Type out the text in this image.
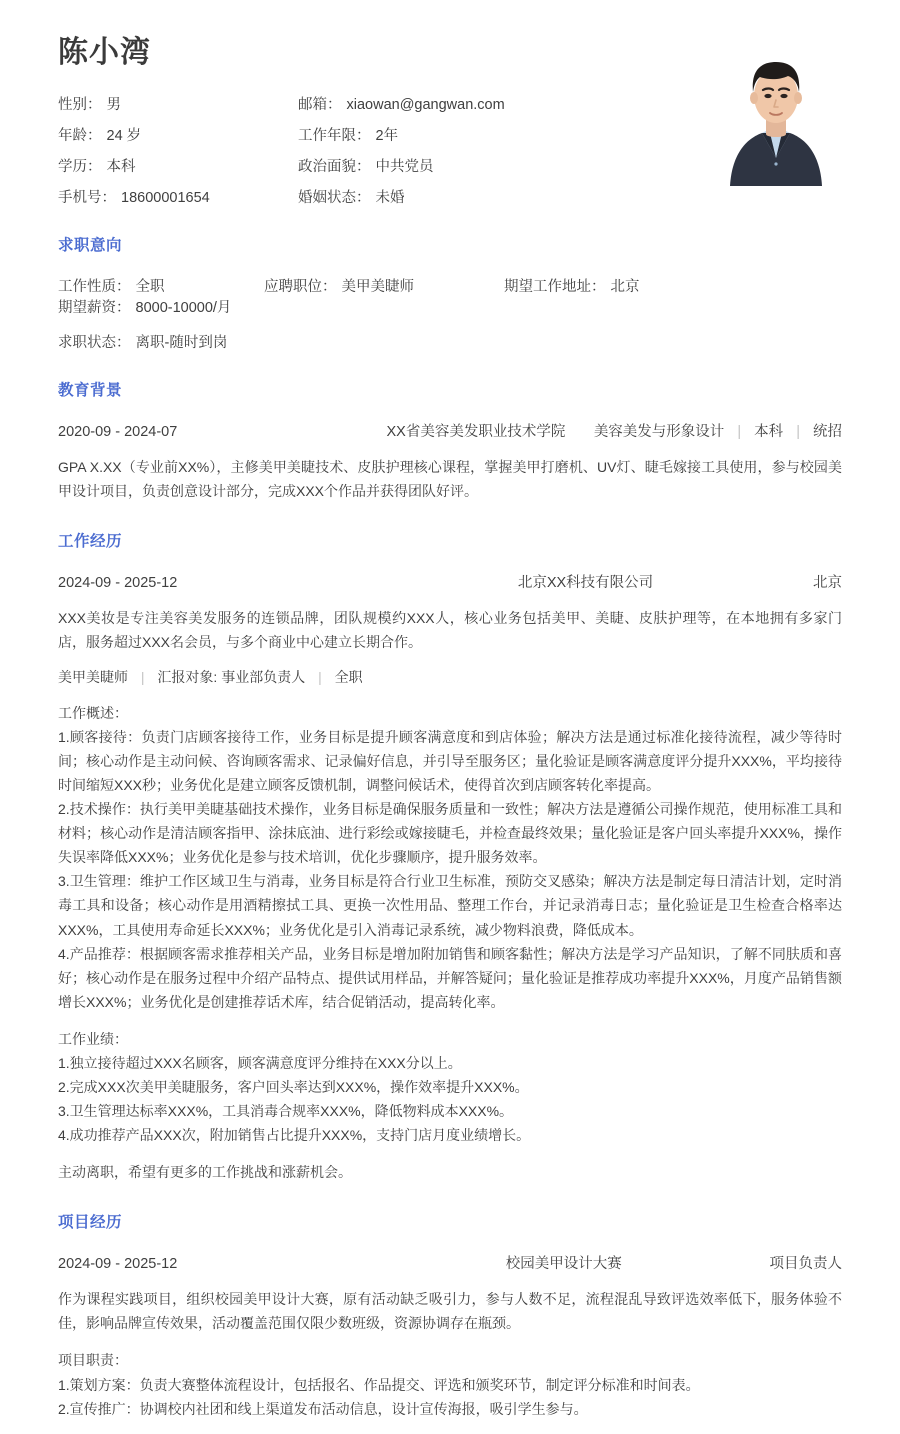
陈小湾
性别： 男	邮箱： xiaowan@gangwan.com
年龄： 24 岁	工作年限： 2年
学历： 本科	政治面貌： 中共党员
手机号： 18600001654	婚姻状态： 未婚
求职意向
工作性质： 全职	应聘职位： 美甲美睫师	期望工作地址： 北京
期望薪资： 8000-10000/月
求职状态： 离职-随时到岗
教育背景
2020-09 - 2024-07	XX省美容美发职业技术学院	美容美发与形象设计 | 本科 | 统招

GPA X.XX（专业前XX%），主修美甲美睫技术、皮肤护理核心课程，掌握美甲打磨机、UV灯、睫毛嫁接工具使用，参与校园美甲设计项目，负责创意设计部分，完成XXX个作品并获得团队好评。

工作经历
2024-09 - 2025-12	北京XX科技有限公司	北京

XXX美妆是专注美容美发服务的连锁品牌，团队规模约XXX人，核心业务包括美甲、美睫、皮肤护理等，在本地拥有多家门店，服务超过XXX名会员，与多个商业中心建立长期合作。

美甲美睫师 | 汇报对象: 事业部负责人 | 全职
工作概述：
1.顾客接待：负责门店顾客接待工作，业务目标是提升顾客满意度和到店体验；解决方法是通过标准化接待流程，减少等待时间；核心动作是主动问候、咨询顾客需求、记录偏好信息，并引导至服务区；量化验证是顾客满意度评分提升XXX%，平均接待时间缩短XXX秒；业务优化是建立顾客反馈机制，调整问候话术，使得首次到店顾客转化率提高。
2.技术操作：执行美甲美睫基础技术操作，业务目标是确保服务质量和一致性；解决方法是遵循公司操作规范，使用标准工具和材料；核心动作是清洁顾客指甲、涂抹底油、进行彩绘或嫁接睫毛，并检查最终效果；量化验证是客户回头率提升XXX%，操作失误率降低XXX%；业务优化是参与技术培训，优化步骤顺序，提升服务效率。
3.卫生管理：维护工作区域卫生与消毒，业务目标是符合行业卫生标准，预防交叉感染；解决方法是制定每日清洁计划，定时消毒工具和设备；核心动作是用酒精擦拭工具、更换一次性用品、整理工作台，并记录消毒日志；量化验证是卫生检查合格率达XXX%，工具使用寿命延长XXX%；业务优化是引入消毒记录系统，减少物料浪费，降低成本。
4.产品推荐：根据顾客需求推荐相关产品，业务目标是增加附加销售和顾客黏性；解决方法是学习产品知识，了解不同肤质和喜好；核心动作是在服务过程中介绍产品特点、提供试用样品，并解答疑问；量化验证是推荐成功率提升XXX%，月度产品销售额增长XXX%；业务优化是创建推荐话术库，结合促销活动，提高转化率。
工作业绩：
1.独立接待超过XXX名顾客，顾客满意度评分维持在XXX分以上。
2.完成XXX次美甲美睫服务，客户回头率达到XXX%，操作效率提升XXX%。
3.卫生管理达标率XXX%，工具消毒合规率XXX%，降低物料成本XXX%。
4.成功推荐产品XXX次，附加销售占比提升XXX%，支持门店月度业绩增长。

主动离职，希望有更多的工作挑战和涨薪机会。

项目经历
2024-09 - 2025-12	校园美甲设计大赛	项目负责人

作为课程实践项目，组织校园美甲设计大赛，原有活动缺乏吸引力，参与人数不足，流程混乱导致评选效率低下，服务体验不佳，影响品牌宣传效果，活动覆盖范围仅限少数班级，资源协调存在瓶颈。

项目职责：
1.策划方案：负责大赛整体流程设计，包括报名、作品提交、评选和颁奖环节，制定评分标准和时间表。
2.宣传推广：协调校内社团和线上渠道发布活动信息，设计宣传海报，吸引学生参与。
